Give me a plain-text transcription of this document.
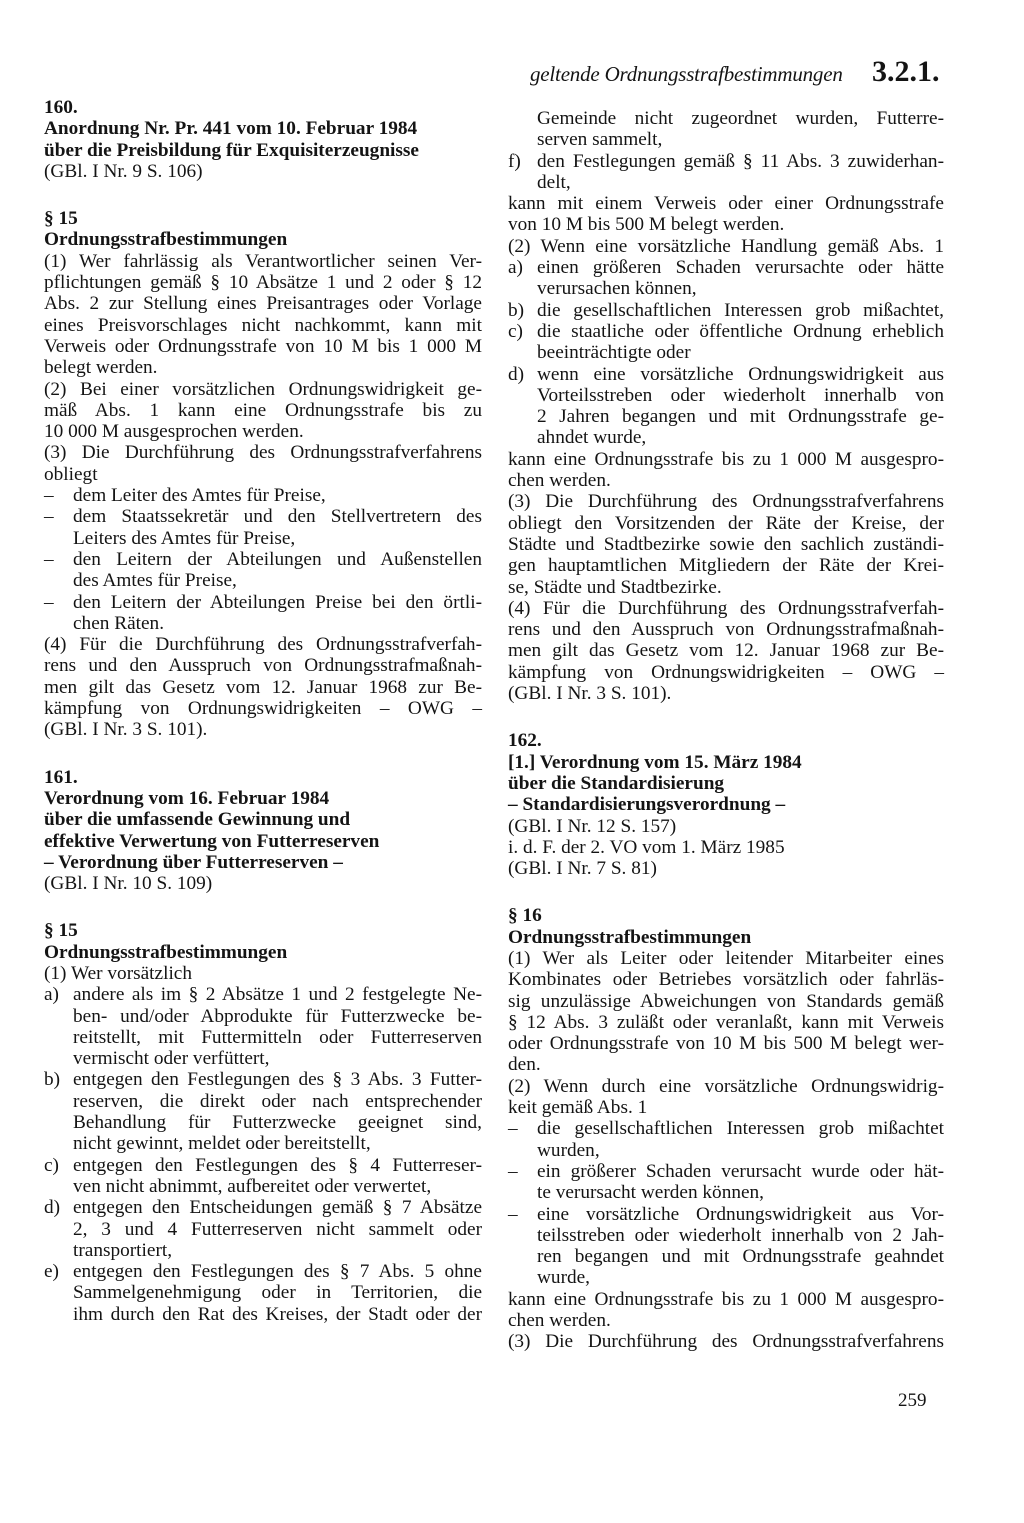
geltende Ordnungsstrafbestimmungen 3.2.1.

160.

Anordnung Nr. Pr. 441 vom 10. Februar 1984

über die Preisbildung für Exquisiterzeugnisse

(GBl. I Nr. 9 S. 106)

§ 15

Ordnungsstrafbestimmungen

(1) Wer fahrlässig als Verantwortlicher seinen Ver-

pflichtungen gemäß § 10 Absätze 1 und 2 oder § 12

Abs. 2 zur Stellung eines Preisantrages oder Vorlage

eines Preisvorschlages nicht nachkommt, kann mit

Verweis oder Ordnungsstrafe von 10 M bis 1 000 M

belegt werden.

(2) Bei einer vorsätzlichen Ordnungswidrigkeit ge-

mäß Abs. 1 kann eine Ordnungsstrafe bis zu

10 000 M ausgesprochen werden.

(3) Die Durchführung des Ordnungsstrafverfahrens

obliegt

– dem Leiter des Amtes für Preise,

– dem Staatssekretär und den Stellvertretern des

Leiters des Amtes für Preise,

– den Leitern der Abteilungen und Außenstellen

des Amtes für Preise,

– den Leitern der Abteilungen Preise bei den örtli-

chen Räten.

(4) Für die Durchführung des Ordnungsstrafverfah-

rens und den Ausspruch von Ordnungsstrafmaßnah-

men gilt das Gesetz vom 12. Januar 1968 zur Be-

kämpfung von Ordnungswidrigkeiten – OWG –

(GBl. I Nr. 3 S. 101).

161.

Verordnung vom 16. Februar 1984

über die umfassende Gewinnung und

effektive Verwertung von Futterreserven

– Verordnung über Futterreserven –

(GBl. I Nr. 10 S. 109)

§ 15

Ordnungsstrafbestimmungen

(1) Wer vorsätzlich

a) andere als im § 2 Absätze 1 und 2 festgelegte Ne-

ben- und/oder Abprodukte für Futterzwecke be-

reitstellt, mit Futtermitteln oder Futterreserven

vermischt oder verfüttert,

b) entgegen den Festlegungen des § 3 Abs. 3 Futter-

reserven, die direkt oder nach entsprechender

Behandlung für Futterzwecke geeignet sind,

nicht gewinnt, meldet oder bereitstellt,

c) entgegen den Festlegungen des § 4 Futterreser-

ven nicht abnimmt, aufbereitet oder verwertet,

d) entgegen den Entscheidungen gemäß § 7 Absätze

2, 3 und 4 Futterreserven nicht sammelt oder

transportiert,

e) entgegen den Festlegungen des § 7 Abs. 5 ohne

Sammelgenehmigung oder in Territorien, die

ihm durch den Rat des Kreises, der Stadt oder der

Gemeinde nicht zugeordnet wurden, Futterre-

serven sammelt,

f) den Festlegungen gemäß § 11 Abs. 3 zuwiderhan-

delt,

kann mit einem Verweis oder einer Ordnungsstrafe

von 10 M bis 500 M belegt werden.

(2) Wenn eine vorsätzliche Handlung gemäß Abs. 1

a) einen größeren Schaden verursachte oder hätte

verursachen können,

b) die gesellschaftlichen Interessen grob mißachtet,

c) die staatliche oder öffentliche Ordnung erheblich

beeinträchtigte oder

d) wenn eine vorsätzliche Ordnungswidrigkeit aus

Vorteilsstreben oder wiederholt innerhalb von

2 Jahren begangen und mit Ordnungsstrafe ge-

ahndet wurde,

kann eine Ordnungsstrafe bis zu 1 000 M ausgespro-

chen werden.

(3) Die Durchführung des Ordnungsstrafverfahrens

obliegt den Vorsitzenden der Räte der Kreise, der

Städte und Stadtbezirke sowie den sachlich zuständi-

gen hauptamtlichen Mitgliedern der Räte der Krei-

se, Städte und Stadtbezirke.

(4) Für die Durchführung des Ordnungsstrafverfah-

rens und den Ausspruch von Ordnungsstrafmaßnah-

men gilt das Gesetz vom 12. Januar 1968 zur Be-

kämpfung von Ordnungswidrigkeiten – OWG –

(GBl. I Nr. 3 S. 101).

162.

[1.] Verordnung vom 15. März 1984

über die Standardisierung

– Standardisierungsverordnung –

(GBl. I Nr. 12 S. 157)

i. d. F. der 2. VO vom 1. März 1985

(GBl. I Nr. 7 S. 81)

§ 16

Ordnungsstrafbestimmungen

(1) Wer als Leiter oder leitender Mitarbeiter eines

Kombinates oder Betriebes vorsätzlich oder fahrläs-

sig unzulässige Abweichungen von Standards gemäß

§ 12 Abs. 3 zuläßt oder veranlaßt, kann mit Verweis

oder Ordnungsstrafe von 10 M bis 500 M belegt wer-

den.

(2) Wenn durch eine vorsätzliche Ordnungswidrig-

keit gemäß Abs. 1

– die gesellschaftlichen Interessen grob mißachtet

wurden,

– ein größerer Schaden verursacht wurde oder hät-

te verursacht werden können,

– eine vorsätzliche Ordnungswidrigkeit aus Vor-

teilsstreben oder wiederholt innerhalb von 2 Jah-

ren begangen und mit Ordnungsstrafe geahndet

wurde,

kann eine Ordnungsstrafe bis zu 1 000 M ausgespro-

chen werden.

(3) Die Durchführung des Ordnungsstrafverfahrens

259
